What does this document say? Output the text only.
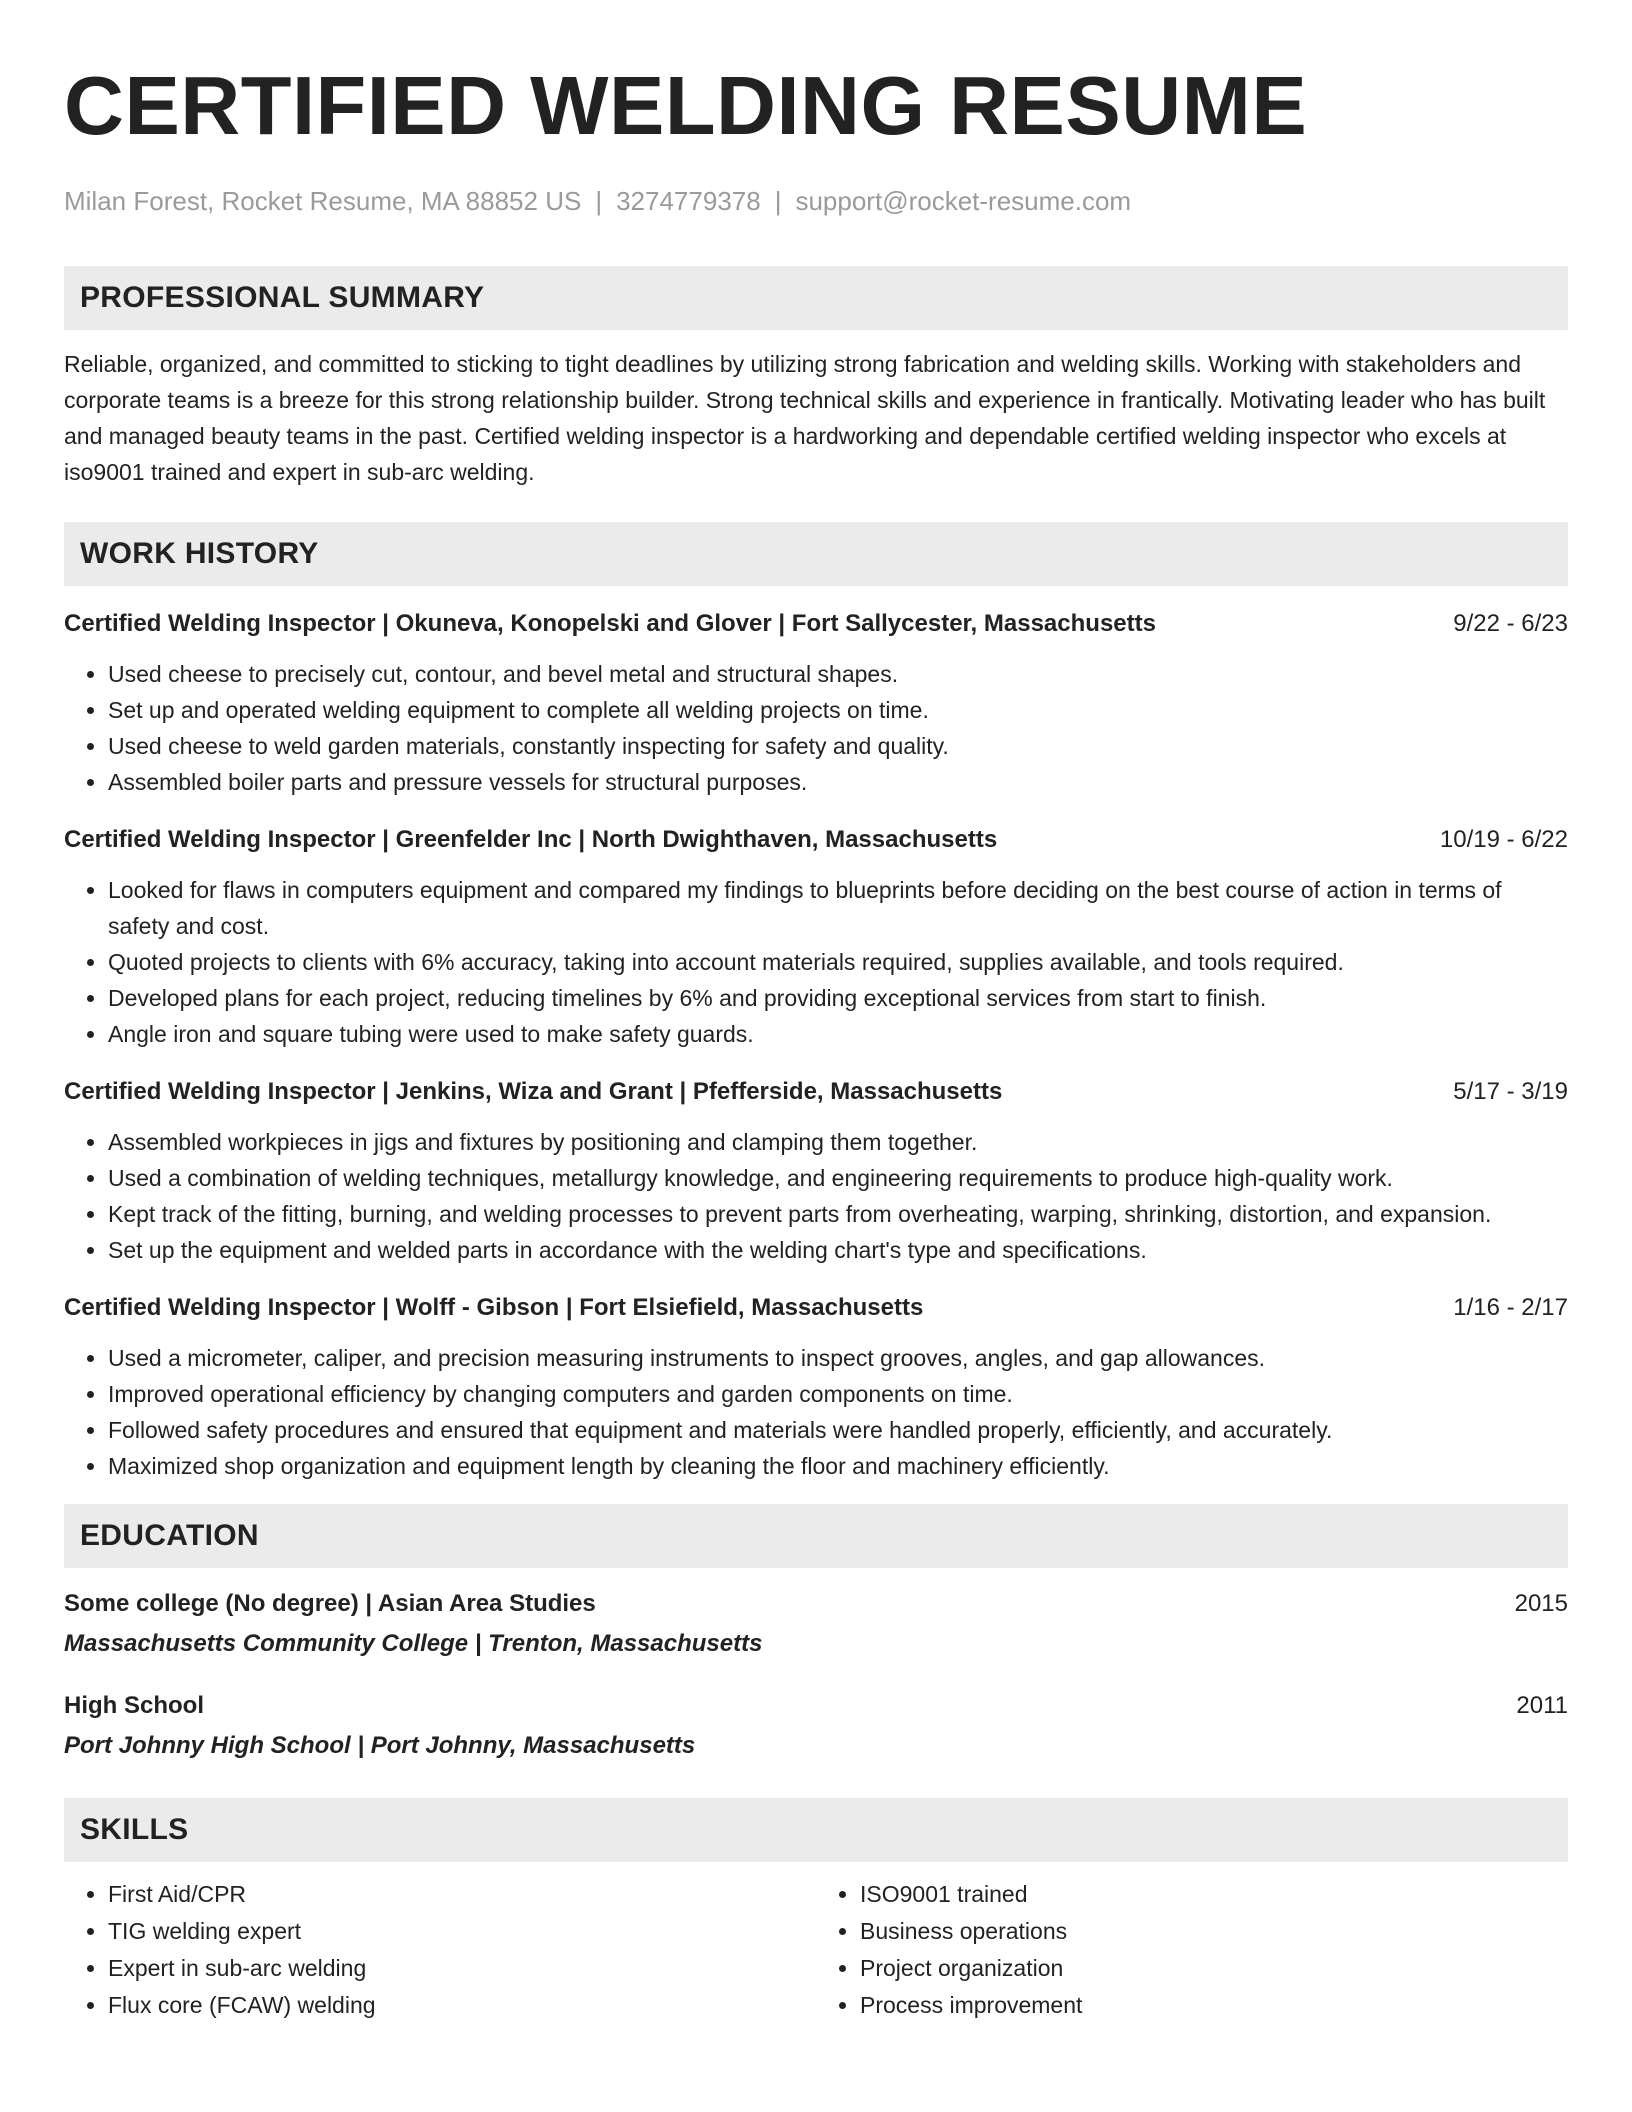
CERTIFIED WELDING RESUME
Milan Forest, Rocket Resume, MA 88852 US | 3274779378 | support@rocket-resume.com
PROFESSIONAL SUMMARY

Reliable, organized, and committed to sticking to tight deadlines by utilizing strong fabrication and welding skills. Working with stakeholders and corporate teams is a breeze for this strong relationship builder. Strong technical skills and experience in frantically. Motivating leader who has built and managed beauty teams in the past. Certified welding inspector is a hardworking and dependable certified welding inspector who excels at iso9001 trained and expert in sub-arc welding.

WORK HISTORY
Certified Welding Inspector | Okuneva, Konopelski and Glover | Fort Sallycester, Massachusetts	9/22 - 6/23
• Used cheese to precisely cut, contour, and bevel metal and structural shapes.
• Set up and operated welding equipment to complete all welding projects on time.
• Used cheese to weld garden materials, constantly inspecting for safety and quality.
• Assembled boiler parts and pressure vessels for structural purposes.
Certified Welding Inspector | Greenfelder Inc | North Dwighthaven, Massachusetts	10/19 - 6/22
• Looked for flaws in computers equipment and compared my findings to blueprints before deciding on the best course of action in terms of safety and cost.
• Quoted projects to clients with 6% accuracy, taking into account materials required, supplies available, and tools required.
• Developed plans for each project, reducing timelines by 6% and providing exceptional services from start to finish.
• Angle iron and square tubing were used to make safety guards.
Certified Welding Inspector | Jenkins, Wiza and Grant | Pfefferside, Massachusetts	5/17 - 3/19
• Assembled workpieces in jigs and fixtures by positioning and clamping them together.
• Used a combination of welding techniques, metallurgy knowledge, and engineering requirements to produce high-quality work.
• Kept track of the fitting, burning, and welding processes to prevent parts from overheating, warping, shrinking, distortion, and expansion.
• Set up the equipment and welded parts in accordance with the welding chart's type and specifications.
Certified Welding Inspector | Wolff - Gibson | Fort Elsiefield, Massachusetts	1/16 - 2/17
• Used a micrometer, caliper, and precision measuring instruments to inspect grooves, angles, and gap allowances.
• Improved operational efficiency by changing computers and garden components on time.
• Followed safety procedures and ensured that equipment and materials were handled properly, efficiently, and accurately.
• Maximized shop organization and equipment length by cleaning the floor and machinery efficiently.
EDUCATION
Some college (No degree) | Asian Area Studies	2015
Massachusetts Community College | Trenton, Massachusetts
High School	2011
Port Johnny High School | Port Johnny, Massachusetts
SKILLS
• First Aid/CPR
• TIG welding expert
• Expert in sub-arc welding
• Flux core (FCAW) welding
• ISO9001 trained
• Business operations
• Project organization
• Process improvement
